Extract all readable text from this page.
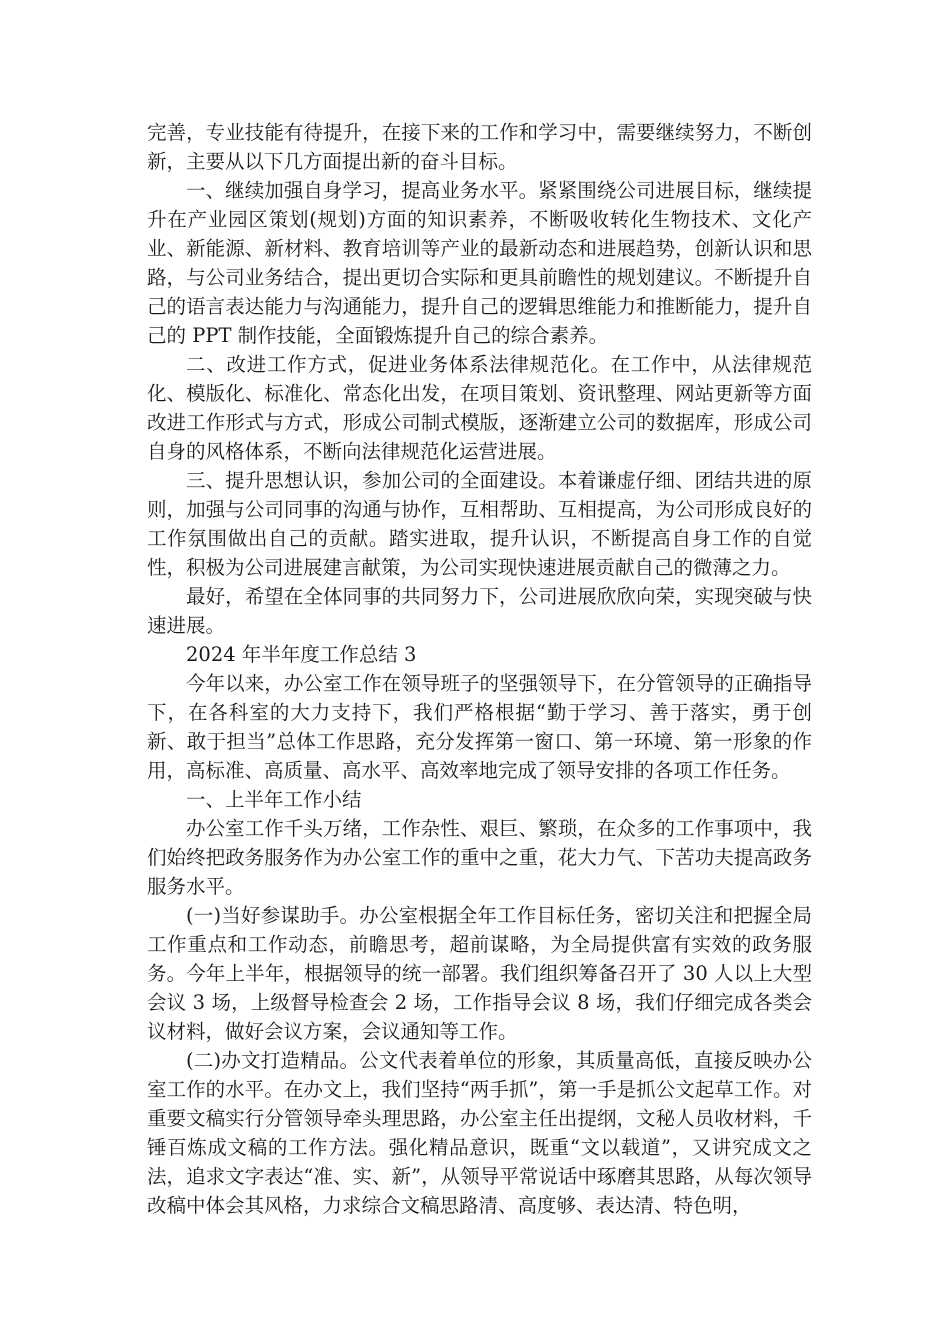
完善，专业技能有待提升，在接下来的工作和学习中，需要继续努力，不断创新，主要从以下几方面提出新的奋斗目标。

一、继续加强自身学习，提高业务水平。紧紧围绕公司进展目标，继续提升在产业园区策划(规划)方面的知识素养，不断吸收转化生物技术、文化产业、新能源、新材料、教育培训等产业的最新动态和进展趋势，创新认识和思路，与公司业务结合，提出更切合实际和更具前瞻性的规划建议。不断提升自己的语言表达能力与沟通能力，提升自己的逻辑思维能力和推断能力，提升自己的 PPT 制作技能，全面锻炼提升自己的综合素养。

二、改进工作方式，促进业务体系法律规范化。在工作中，从法律规范化、模版化、标准化、常态化出发，在项目策划、资讯整理、网站更新等方面改进工作形式与方式，形成公司制式模版，逐渐建立公司的数据库，形成公司自身的风格体系，不断向法律规范化运营进展。

三、提升思想认识，参加公司的全面建设。本着谦虚仔细、团结共进的原则，加强与公司同事的沟通与协作，互相帮助、互相提高，为公司形成良好的工作氛围做出自己的贡献。踏实进取，提升认识，不断提高自身工作的自觉性，积极为公司进展建言献策，为公司实现快速进展贡献自己的微薄之力。

最好，希望在全体同事的共同努力下，公司进展欣欣向荣，实现突破与快速进展。

2024 年半年度工作总结 3

今年以来，办公室工作在领导班子的坚强领导下，在分管领导的正确指导下，在各科室的大力支持下，我们严格根据“勤于学习、善于落实，勇于创新、敢于担当”总体工作思路，充分发挥第一窗口、第一环境、第一形象的作用，高标准、高质量、高水平、高效率地完成了领导安排的各项工作任务。

一、上半年工作小结

办公室工作千头万绪，工作杂性、艰巨、繁琐，在众多的工作事项中，我们始终把政务服务作为办公室工作的重中之重，花大力气、下苦功夫提高政务服务水平。

(一)当好参谋助手。办公室根据全年工作目标任务，密切关注和把握全局工作重点和工作动态，前瞻思考，超前谋略，为全局提供富有实效的政务服务。今年上半年，根据领导的统一部署。我们组织筹备召开了 30 人以上大型会议 3 场，上级督导检查会 2 场，工作指导会议 8 场，我们仔细完成各类会议材料，做好会议方案，会议通知等工作。

(二)办文打造精品。公文代表着单位的形象，其质量高低，直接反映办公室工作的水平。在办文上，我们坚持“两手抓”，第一手是抓公文起草工作。对重要文稿实行分管领导牵头理思路，办公室主任出提纲，文秘人员收材料，千锤百炼成文稿的工作方法。强化精品意识，既重“文以载道”，又讲究成文之法，追求文字表达“准、实、新”，从领导平常说话中琢磨其思路，从每次领导改稿中体会其风格，力求综合文稿思路清、高度够、表达清、特色明，
